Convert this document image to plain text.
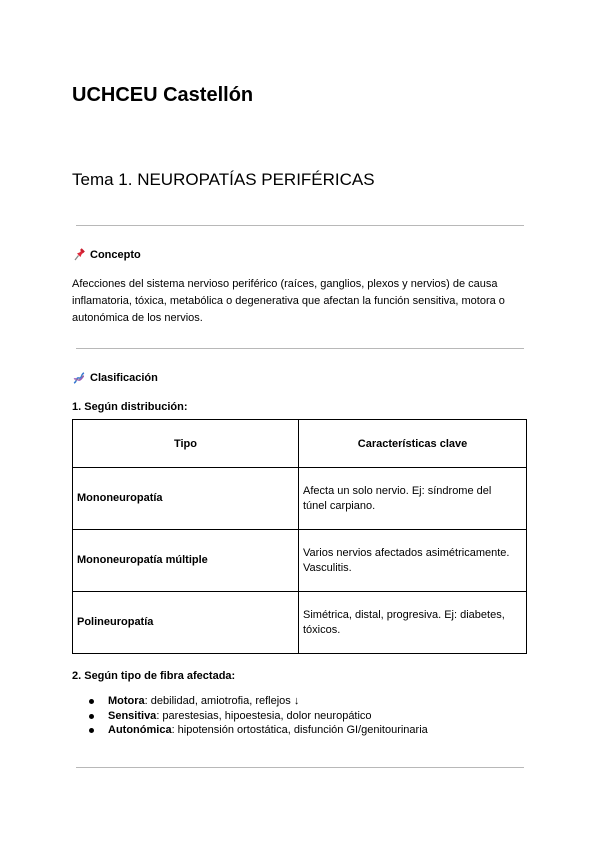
UCHCEU Castellón
Tema 1. NEUROPATÍAS PERIFÉRICAS
Concepto
Afecciones del sistema nervioso periférico (raíces, ganglios, plexos y nervios) de causa
inflamatoria, tóxica, metabólica o degenerativa que afectan la función sensitiva, motora o
autonómica de los nervios.
Clasificación
1. Según distribución:
Tipo	Características clave
Mononeuropatía	Afecta un solo nervio. Ej: síndrome del
túnel carpiano.

Mononeuropatía múltiple	Varios nervios afectados asimétricamente.
Vasculitis.

Polineuropatía	Simétrica, distal, progresiva. Ej: diabetes,
tóxicos.
2. Según tipo de fibra afectada:
Motora: debilidad, amiotrofia, reflejos ↓
Sensitiva: parestesias, hipoestesia, dolor neuropático
Autonómica: hipotensión ortostática, disfunción GI/genitourinaria
